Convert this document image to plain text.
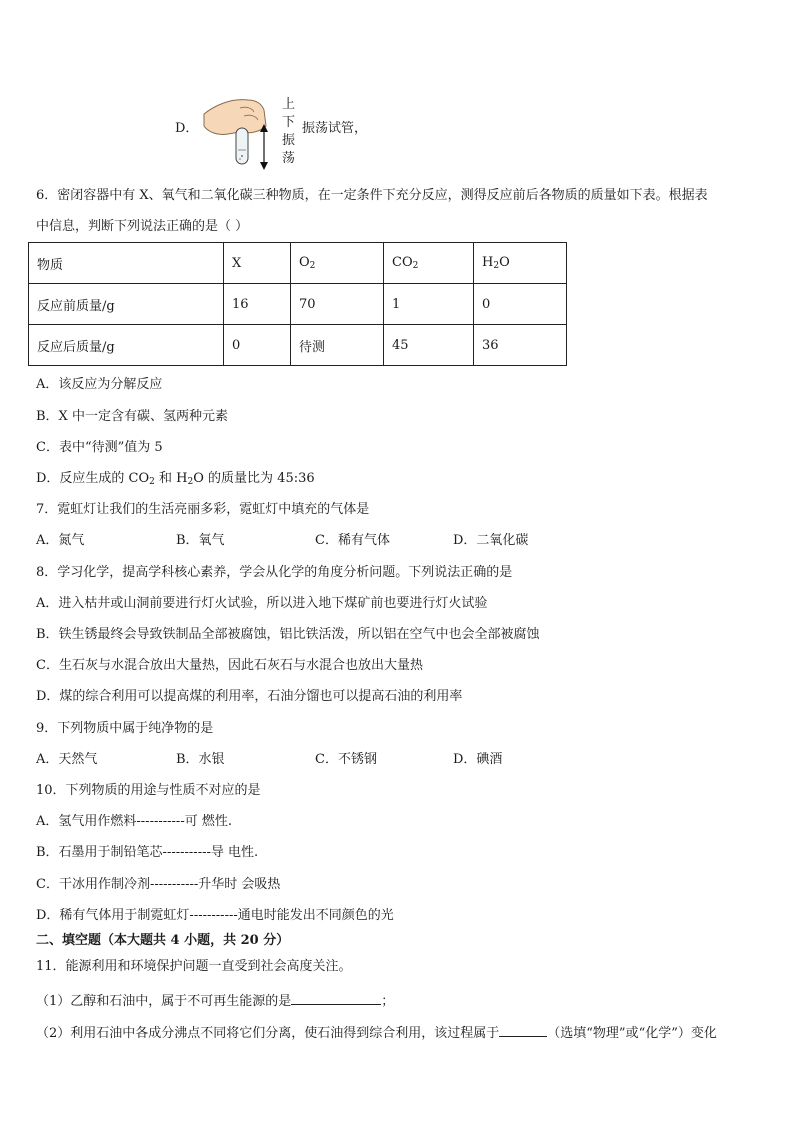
D．
上
下
振
荡
振荡试管，
6．密闭容器中有 X、氧气和二氧化碳三种物质，在一定条件下充分反应，测得反应前后各物质的质量如下表。根据表
中信息，判断下列说法正确的是（ ）
物质	X	$O_2$	$CO_2$	$H_2O$
反应前质量/g	16	70	1	0
反应后质量/g	0	待测	45	36
A．该反应为分解反应
B．X 中一定含有碳、氢两种元素
C．表中“待测”值为 5
D．反应生成的 $CO_2$ 和 $H_2O$ 的质量比为 45:36
7．霓虹灯让我们的生活亮丽多彩，霓虹灯中填充的气体是
A．氮气	B．氧气	C．稀有气体	D．二氧化碳
8．学习化学，提高学科核心素养，学会从化学的角度分析问题。下列说法正确的是
A．进入枯井或山洞前要进行灯火试验，所以进入地下煤矿前也要进行灯火试验
B．铁生锈最终会导致铁制品全部被腐蚀，铝比铁活泼，所以铝在空气中也会全部被腐蚀
C．生石灰与水混合放出大量热，因此石灰石与水混合也放出大量热
D．煤的综合利用可以提高煤的利用率，石油分馏也可以提高石油的利用率
9．下列物质中属于纯净物的是
A．天然气	B．水银	C．不锈钢	D．碘酒
10．下列物质的用途与性质不对应的是
A．氢气用作燃料-----------可 燃性.
B．石墨用于制铅笔芯-----------导 电性.
C．干冰用作制冷剂-----------升华时 会吸热
D．稀有气体用于制霓虹灯-----------通电时能发出不同颜色的光
二、填空题（本大题共 4 小题，共 20 分）
11．能源利用和环境保护问题一直受到社会高度关注。
（1）乙醇和石油中，属于不可再生能源的是	；
（2）利用石油中各成分沸点不同将它们分离，使石油得到综合利用，该过程属于	（选填“物理”或“化学”）变化
